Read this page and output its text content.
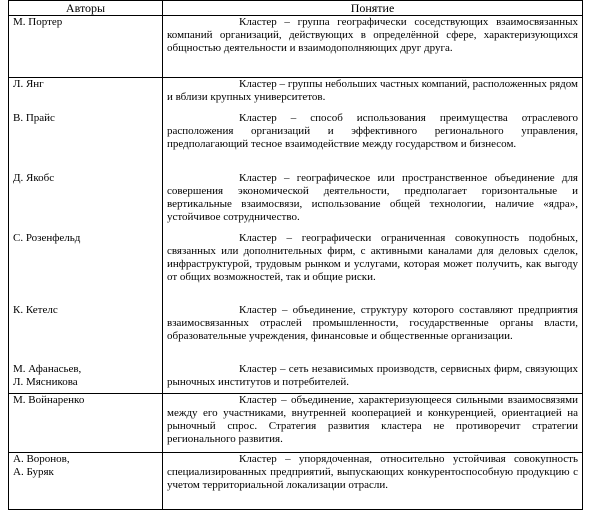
Авторы	Понятие

М. Портер	Кластер – группа географически соседствующих взаимосвязанных компаний организаций, действующих в определённой сфере, характеризующихся общностью деятельности и взаимодополняющих друг друга.

Л. Янг	Кластер – группы небольших частных компаний, расположенных рядом и вблизи крупных университетов.

В. Прайс	Кластер – способ использования преимущества отраслевого расположения организаций и эффективного регионального управления, предполагающий тесное взаимодействие между государством и бизнесом.

Д. Якобс	Кластер – географическое или пространственное объединение для совершения экономической деятельности, предполагает горизонтальные и вертикальные взаимосвязи, использование общей технологии, наличие «ядра», устойчивое сотрудничество.

С. Розенфельд	Кластер – географически ограниченная совокупность подобных, связанных или дополнительных фирм, с активными каналами для деловых сделок, инфраструктурой, трудовым рынком и услугами, которая может получить, как выгоду от общих возможностей, так и общие риски.

К. Кетелс	Кластер – объединение, структуру которого составляют предприятия взаимосвязанных отраслей промышленности, государственные органы власти, образовательные учреждения, финансовые и общественные организации.

М. Афанасьев,
Л. Мясникова	Кластер – сеть независимых производств, сервисных фирм, связующих рыночных институтов и потребителей.

М. Войнаренко	Кластер – объединение, характеризующееся сильными взаимосвязями между его участниками, внутренней кооперацией и конкуренцией, ориентацией на рыночный спрос. Стратегия развития кластера не противоречит стратегии регионального развития.

А. Воронов,
А. Буряк	Кластер – упорядоченная, относительно устойчивая совокупность специализированных предприятий, выпускающих конкурентоспособную продукцию с учетом территориальной локализации отрасли.
